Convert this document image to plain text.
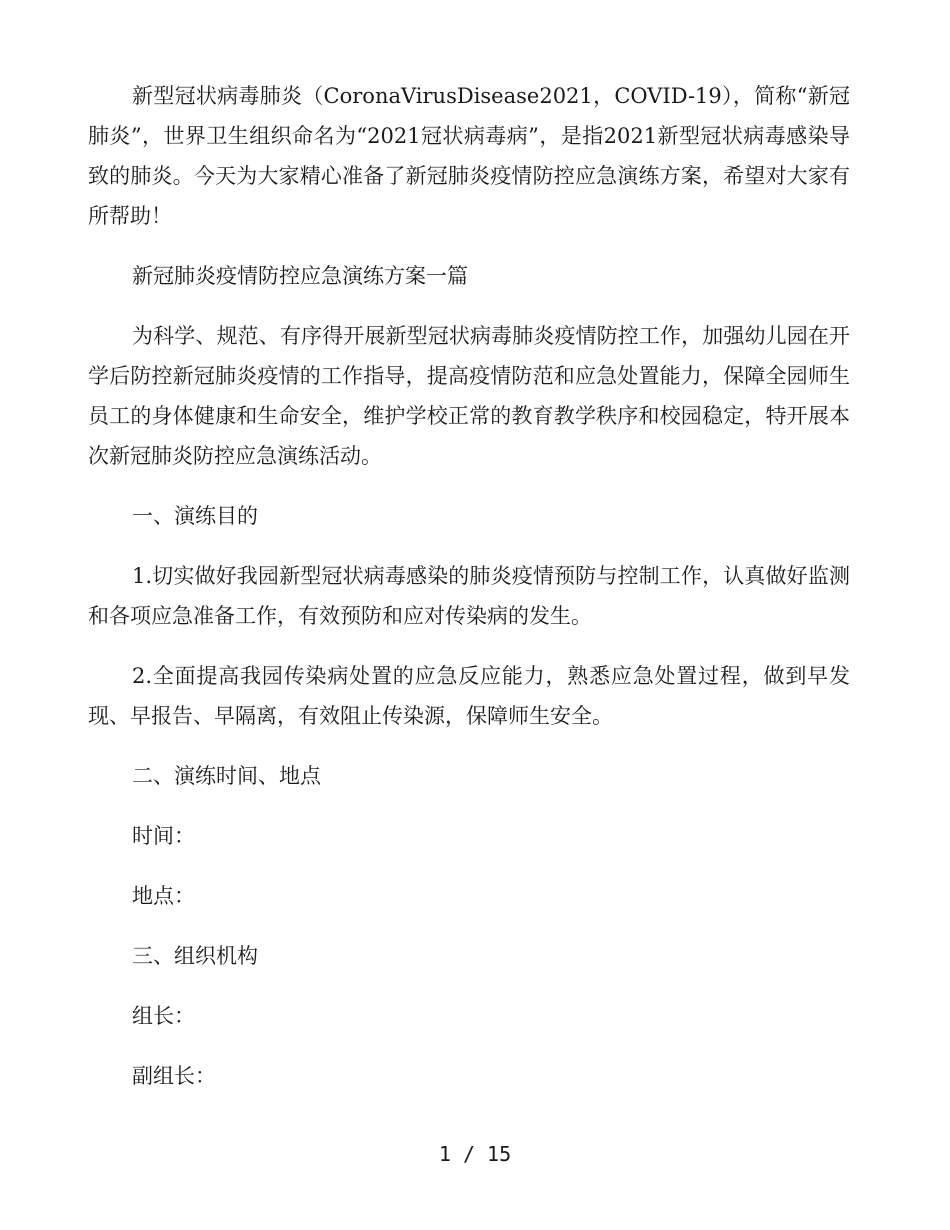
新型冠状病毒肺炎（CoronaVirusDisease2021，COVID-19），简称“新冠肺炎”，世界卫生组织命名为“2021冠状病毒病”，是指2021新型冠状病毒感染导致的肺炎。今天为大家精心准备了新冠肺炎疫情防控应急演练方案，希望对大家有所帮助！

新冠肺炎疫情防控应急演练方案一篇

为科学、规范、有序得开展新型冠状病毒肺炎疫情防控工作，加强幼儿园在开学后防控新冠肺炎疫情的工作指导，提高疫情防范和应急处置能力，保障全园师生员工的身体健康和生命安全，维护学校正常的教育教学秩序和校园稳定，特开展本次新冠肺炎防控应急演练活动。

一、演练目的

1.切实做好我园新型冠状病毒感染的肺炎疫情预防与控制工作，认真做好监测和各项应急准备工作，有效预防和应对传染病的发生。

2.全面提高我园传染病处置的应急反应能力，熟悉应急处置过程，做到早发现、早报告、早隔离，有效阻止传染源，保障师生安全。

二、演练时间、地点

时间：

地点：

三、组织机构

组长：

副组长：

1 / 15
